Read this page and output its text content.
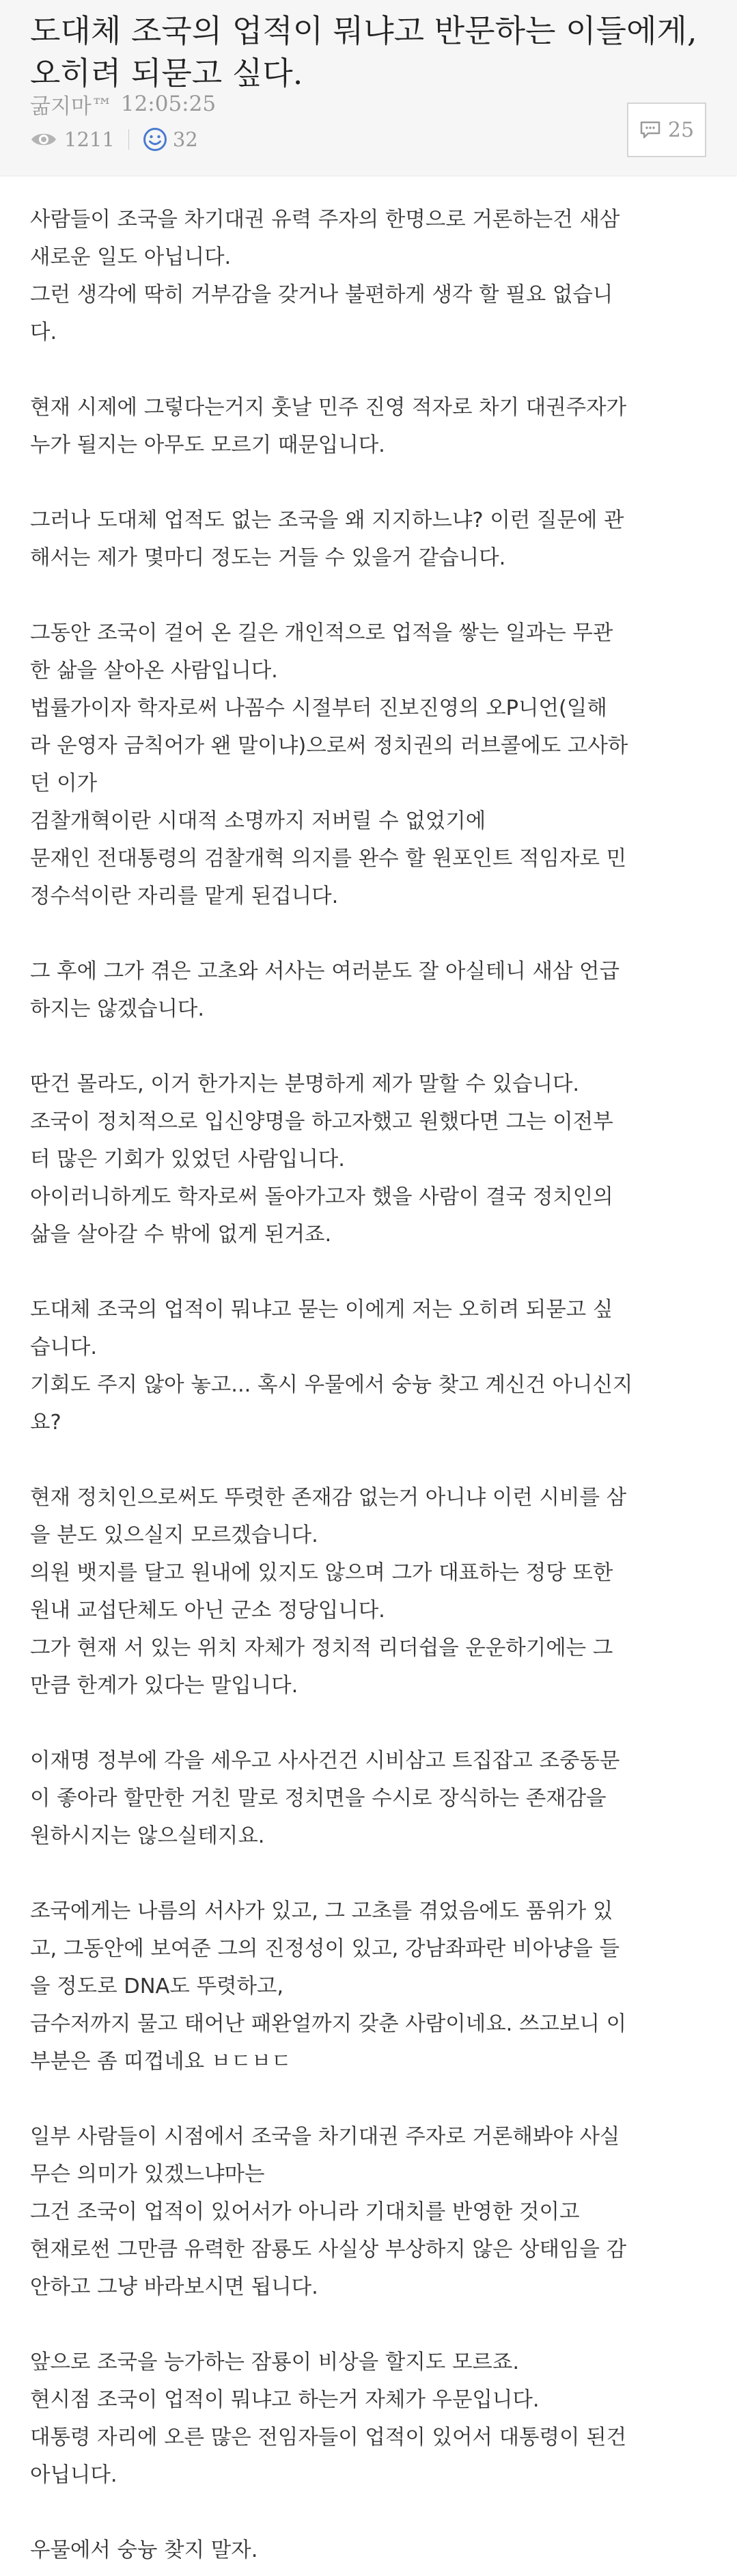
도대체 조국의 업적이 뭐냐고 반문하는 이들에게,
오히려 되묻고 싶다.
굶지마™ 12:05:25
1211	32	25
사람들이 조국을 차기대권 유력 주자의 한명으로 거론하는건 새삼
새로운 일도 아닙니다.
그런 생각에 딱히 거부감을 갖거나 불편하게 생각 할 필요 없습니
다.
현재 시제에 그렇다는거지 훗날 민주 진영 적자로 차기 대권주자가
누가 될지는 아무도 모르기 때문입니다.
그러나 도대체 업적도 없는 조국을 왜 지지하느냐? 이런 질문에 관
해서는 제가 몇마디 정도는 거들 수 있을거 같습니다.
그동안 조국이 걸어 온 길은 개인적으로 업적을 쌓는 일과는 무관
한 삶을 살아온 사람입니다.
법률가이자 학자로써 나꼼수 시절부터 진보진영의 오P니언(일해
라 운영자 금칙어가 왠 말이냐)으로써 정치권의 러브콜에도 고사하
던 이가
검찰개혁이란 시대적 소명까지 저버릴 수 없었기에
문재인 전대통령의 검찰개혁 의지를 완수 할 원포인트 적임자로 민
정수석이란 자리를 맡게 된겁니다.
그 후에 그가 겪은 고초와 서사는 여러분도 잘 아실테니 새삼 언급
하지는 않겠습니다.
딴건 몰라도, 이거 한가지는 분명하게 제가 말할 수 있습니다.
조국이 정치적으로 입신양명을 하고자했고 원했다면 그는 이전부
터 많은 기회가 있었던 사람입니다.
아이러니하게도 학자로써 돌아가고자 했을 사람이 결국 정치인의
삶을 살아갈 수 밖에 없게 된거죠.
도대체 조국의 업적이 뭐냐고 묻는 이에게 저는 오히려 되묻고 싶
습니다.
기회도 주지 않아 놓고... 혹시 우물에서 숭늉 찾고 계신건 아니신지
요?
현재 정치인으로써도 뚜렷한 존재감 없는거 아니냐 이런 시비를 삼
을 분도 있으실지 모르겠습니다.
의원 뱃지를 달고 원내에 있지도 않으며 그가 대표하는 정당 또한
원내 교섭단체도 아닌 군소 정당입니다.
그가 현재 서 있는 위치 자체가 정치적 리더쉽을 운운하기에는 그
만큼 한계가 있다는 말입니다.
이재명 정부에 각을 세우고 사사건건 시비삼고 트집잡고 조중동문
이 좋아라 할만한 거친 말로 정치면을 수시로 장식하는 존재감을
원하시지는 않으실테지요.
조국에게는 나름의 서사가 있고, 그 고초를 겪었음에도 품위가 있
고, 그동안에 보여준 그의 진정성이 있고, 강남좌파란 비아냥을 들
을 정도로 DNA도 뚜렷하고,
금수저까지 물고 태어난 패완얼까지 갖춘 사람이네요. 쓰고보니 이
부분은 좀 띠껍네요 ㅂㄷㅂㄷ
일부 사람들이 시점에서 조국을 차기대권 주자로 거론해봐야 사실
무슨 의미가 있겠느냐마는
그건 조국이 업적이 있어서가 아니라 기대치를 반영한 것이고
현재로썬 그만큼 유력한 잠룡도 사실상 부상하지 않은 상태임을 감
안하고 그냥 바라보시면 됩니다.
앞으로 조국을 능가하는 잠룡이 비상을 할지도 모르죠.
현시점 조국이 업적이 뭐냐고 하는거 자체가 우문입니다.
대통령 자리에 오른 많은 전임자들이 업적이 있어서 대통령이 된건
아닙니다.
우물에서 숭늉 찾지 말자.
